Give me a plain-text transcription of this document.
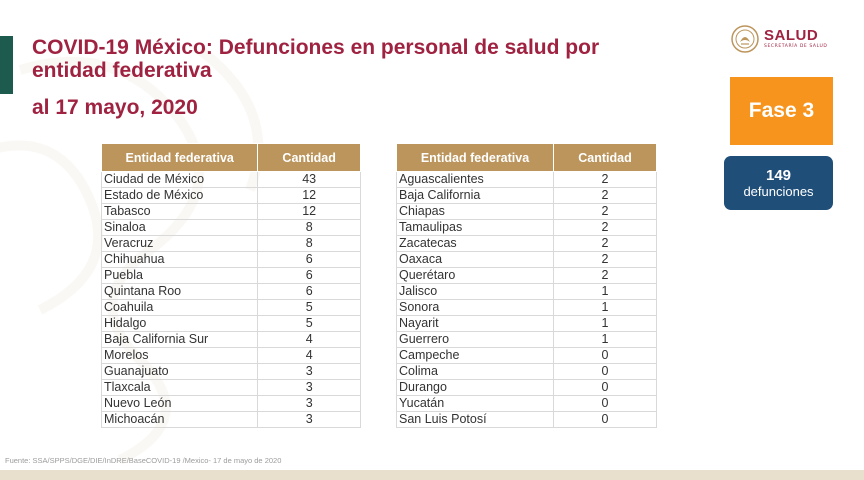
COVID-19 México: Defunciones en personal de salud por entidad federativa
al 17 mayo, 2020
SALUD
SECRETARÍA DE SALUD
Fase 3
149
defunciones
Entidad federativa	Cantidad
Ciudad de México	43
Estado de México	12
Tabasco	12
Sinaloa	8
Veracruz	8
Chihuahua	6
Puebla	6
Quintana Roo	6
Coahuila	5
Hidalgo	5
Baja California Sur	4
Morelos	4
Guanajuato	3
Tlaxcala	3
Nuevo León	3
Michoacán	3
Entidad federativa	Cantidad
Aguascalientes	2
Baja California	2
Chiapas	2
Tamaulipas	2
Zacatecas	2
Oaxaca	2
Querétaro	2
Jalisco	1
Sonora	1
Nayarit	1
Guerrero	1
Campeche	0
Colima	0
Durango	0
Yucatán	0
San Luis Potosí	0
Fuente: SSA/SPPS/DGE/DIE/InDRE/BaseCOVID-19 /Mexico- 17 de mayo de 2020
